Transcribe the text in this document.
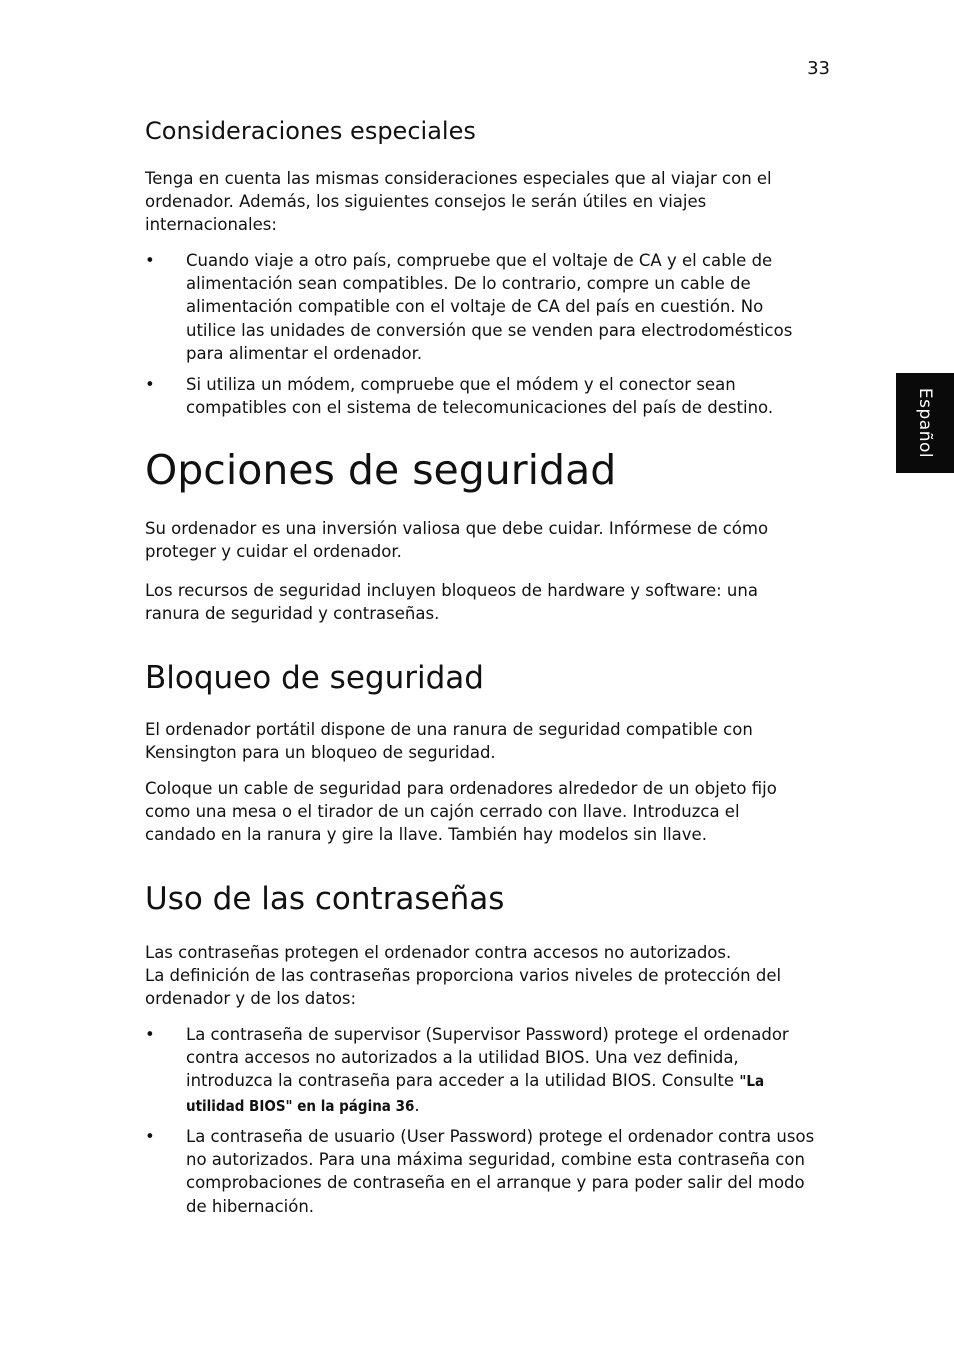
33
Español
Consideraciones especiales

Tenga en cuenta las mismas consideraciones especiales que al viajar con el
ordenador. Además, los siguientes consejos le serán útiles en viajes
internacionales:

• Cuando viaje a otro país, compruebe que el voltaje de CA y el cable de
alimentación sean compatibles. De lo contrario, compre un cable de
alimentación compatible con el voltaje de CA del país en cuestión. No
utilice las unidades de conversión que se venden para electrodomésticos
para alimentar el ordenador.
• Si utiliza un módem, compruebe que el módem y el conector sean
compatibles con el sistema de telecomunicaciones del país de destino.
Opciones de seguridad

Su ordenador es una inversión valiosa que debe cuidar. Infórmese de cómo
proteger y cuidar el ordenador.

Los recursos de seguridad incluyen bloqueos de hardware y software: una
ranura de seguridad y contraseñas.

Bloqueo de seguridad

El ordenador portátil dispone de una ranura de seguridad compatible con
Kensington para un bloqueo de seguridad.

Coloque un cable de seguridad para ordenadores alrededor de un objeto fijo
como una mesa o el tirador de un cajón cerrado con llave. Introduzca el
candado en la ranura y gire la llave. También hay modelos sin llave.

Uso de las contraseñas

Las contraseñas protegen el ordenador contra accesos no autorizados.
La definición de las contraseñas proporciona varios niveles de protección del
ordenador y de los datos:

• La contraseña de supervisor (Supervisor Password) protege el ordenador
contra accesos no autorizados a la utilidad BIOS. Una vez definida,
introduzca la contraseña para acceder a la utilidad BIOS. Consulte "La
utilidad BIOS" en la página 36.
• La contraseña de usuario (User Password) protege el ordenador contra usos
no autorizados. Para una máxima seguridad, combine esta contraseña con
comprobaciones de contraseña en el arranque y para poder salir del modo
de hibernación.
